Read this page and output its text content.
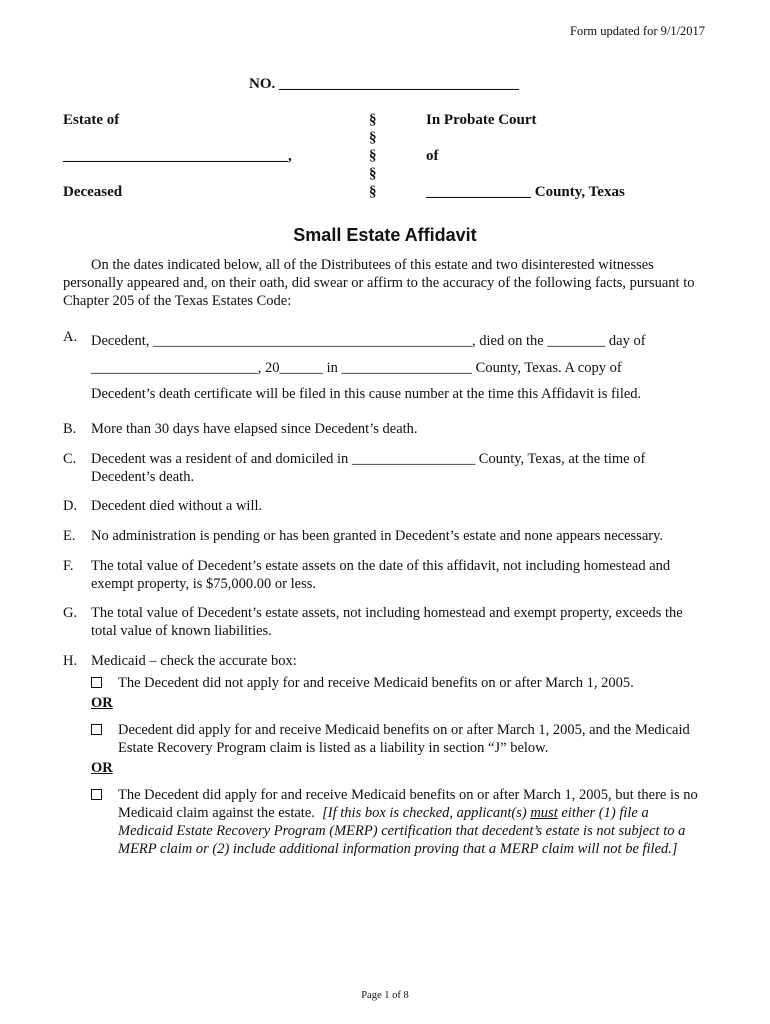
Form updated for 9/1/2017
NO. ________________________________
Estate of
______________________________,
Deceased
§
§
§
§
§
In Probate Court
of
______________ County, Texas
Small Estate Affidavit
On the dates indicated below, all of the Distributees of this estate and two disinterested witnesses personally appeared and, on their oath, did swear or affirm to the accuracy of the following facts, pursuant to Chapter 205 of the Texas Estates Code:
A. Decedent, ____________________________________________, died on the ________ day of
_______________________, 20______ in __________________ County, Texas. A copy of
Decedent’s death certificate will be filed in this cause number at the time this Affidavit is filed.
B. More than 30 days have elapsed since Decedent’s death.
C. Decedent was a resident of and domiciled in _________________ County, Texas, at the time of Decedent’s death.
D. Decedent died without a will.
E. No administration is pending or has been granted in Decedent’s estate and none appears necessary.
F. The total value of Decedent’s estate assets on the date of this affidavit, not including homestead and exempt property, is $75,000.00 or less.
G. The total value of Decedent’s estate assets, not including homestead and exempt property, exceeds the total value of known liabilities.
H. Medicaid – check the accurate box:
The Decedent did not apply for and receive Medicaid benefits on or after March 1, 2005.
OR
Decedent did apply for and receive Medicaid benefits on or after March 1, 2005, and the Medicaid Estate Recovery Program claim is listed as a liability in section “J” below.
OR
The Decedent did apply for and receive Medicaid benefits on or after March 1, 2005, but there is no Medicaid claim against the estate. [If this box is checked, applicant(s) must either (1) file a Medicaid Estate Recovery Program (MERP) certification that decedent’s estate is not subject to a MERP claim or (2) include additional information proving that a MERP claim will not be filed.]
Page 1 of 8
